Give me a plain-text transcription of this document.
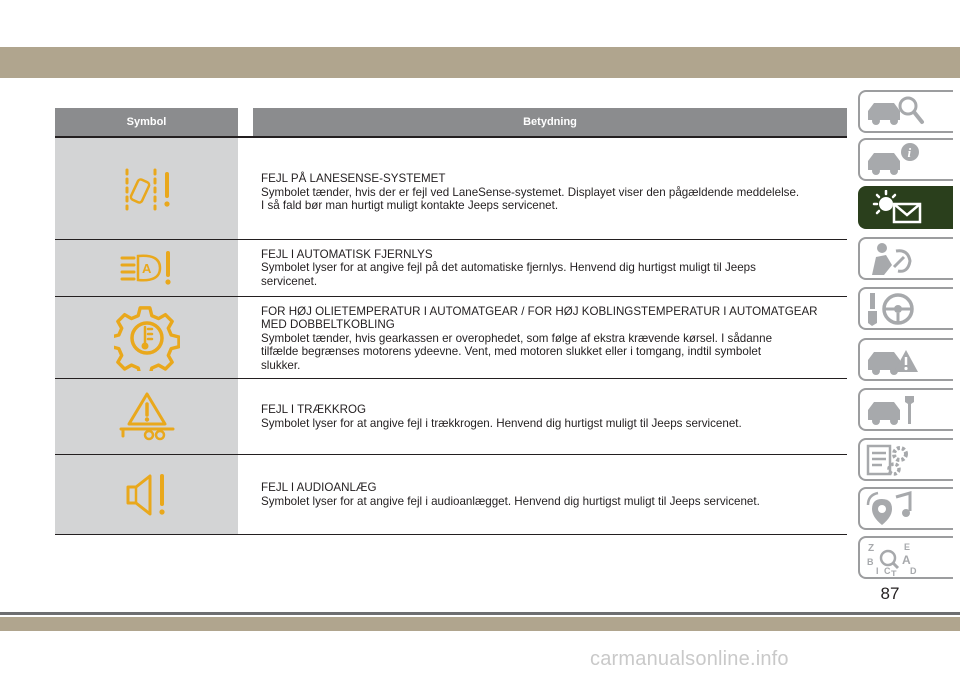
Symbol	Betydning
FEJL PÅ LANESENSE-SYSTEMET
Symbolet tænder, hvis der er fejl ved LaneSense-systemet. Displayet viser den pågældende meddelelse.
I så fald bør man hurtigt muligt kontakte Jeeps servicenet.
A
FEJL I AUTOMATISK FJERNLYS
Symbolet lyser for at angive fejl på det automatiske fjernlys. Henvend dig hurtigst muligt til Jeeps
servicenet.
FOR HØJ OLIETEMPERATUR I AUTOMATGEAR / FOR HØJ KOBLINGSTEMPERATUR I AUTOMATGEAR
MED DOBBELTKOBLING
Symbolet tænder, hvis gearkassen er overophedet, som følge af ekstra krævende kørsel. I sådanne
tilfælde begrænses motorens ydeevne. Vent, med motoren slukket eller i tomgang, indtil symbolet
slukker.
FEJL I TRÆKKROG
Symbolet lyser for at angive fejl i trækkrogen. Henvend dig hurtigst muligt til Jeeps servicenet.
FEJL I AUDIOANLÆG
Symbolet lyser for at angive fejl i audioanlægget. Henvend dig hurtigst muligt til Jeeps servicenet.
i
Z	E
B A
I C T D
87
carmanualsonline.info
